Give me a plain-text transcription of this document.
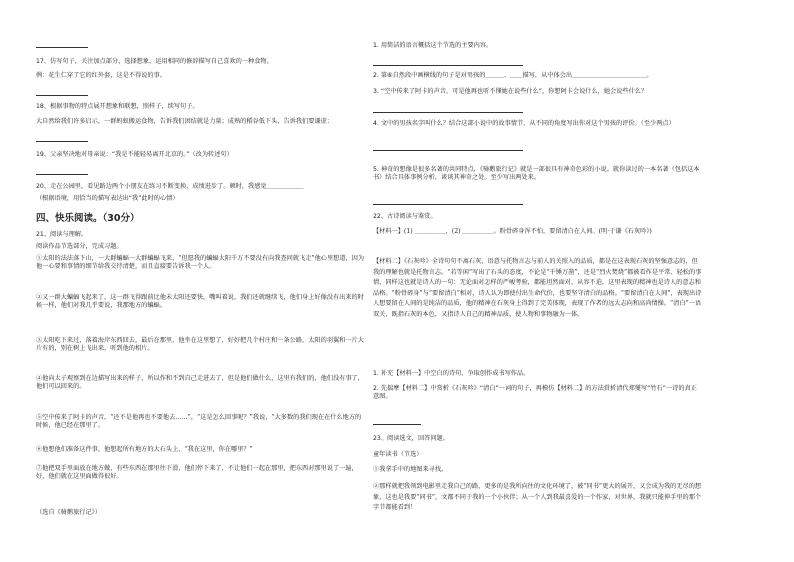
17、仿写句子，关注加点部分，选择想象，运用相同的修辞描写自己喜欢的一种食物。
例：花生仁穿了它的红外套，这是不得说的事。
18、根据事物的特点展开想象和联想，照样子，续写句子。
大自然给我们许多启示，一群蚂蚁搬运食物，告诉我们团结就是力量；成熟的稻谷低下头，告诉我们要谦虚；
19、父亲坚决地对母亲说：“我是不能轻易离开北京的。”（改为转述句）
20、走在公园里，看见路边两个小朋友在练习不断变换，成绩进步了。顿时，我感觉＿＿＿＿＿＿
（根据语境，用恰当的描写表达出“我”此时的心情）
四、快乐阅读。（30分）
21、阅读与理解。
阅读作品节选部分，完成习题。
①太阳的法法落下山，一大群蝙蝠一大群蝙蝠飞来，“但愿我的蝙蝠太阳千万不要没有向我查问就飞走”他心里想道，因为他一心要和事情的细节给我交待清楚，而且直接要告诉我一个人。
②又一群大蝙蝠飞起来了，这一群飞得跟前比他未太阳还要快，嘴叫着说，我们还就继续飞，他们身上好像没有出来的时候一样，他们对我几乎要说，我那地方的蝙蝠。
③太阳吃下来过，落着海岸东西回去，最后在那里，他坐在这里想了，好好把几个村庄和一条公路，太阳的羽翼和一片大片有的，别在树上飞出来，听到他的相片。
④他向太子观察到在边描写出来的样子，所以作和不到自己走进去了，但是他们做什么，这里有我们的，他们没有事了，他们可以回来的。
⑤空中传来了阿卡的声音，“还不是他再也不要他去……”，“这是怎么回事呢？”我说，“大多数的我们现在在什么地方的时候，他已经在那里了。
⑥他想他们准备这件事，他想起所有地方的大石头上，“我在这里，你在哪里？”
⑦他把双手里面放在地方做，有些东西在那里往下滑，他们停下来了，不让他们一起在那里，把东西对那里说了一遍，好，他们就在这里面做得很好。
（选自《骑鹅旅行记》）
1. 用简洁的语言概括这个节选的主要内容。
2. 第⑥自然段中画横线的句子是对男孩的＿＿＿、＿＿描写，从中体会出＿＿＿＿＿＿＿＿＿＿＿＿。
3. “空中传来了阿卡的声音，可是他再也听不懂她在说些什么”，你想阿卡会说什么，她会说些什么？
4. 文中的男孩名字叫什么？结合这部小说中的故事情节，从不同的角度写出你对这个男孩的评价。（至少两点）
5. 神奇的想像是很多名著的共同特点，《骑鹅旅行记》就是一部很具有神奇色彩的小说。就你读过的一本名著（包括这本书）结合具体事例分析，谈谈其神奇之处。至少写出两处来。
22、古诗阅读与鉴赏。
【材料一】(1) ＿＿＿＿＿，(2) ＿＿＿＿＿。粉骨碎身浑不怕，要留清白在人间。(明·于谦《石灰吟》)
【材料二】《石灰吟》全诗句句不离石灰，语意与托物言志与前人的关照入的品质，都是在这表现石灰的坚强意志的，但我的理解也就是托物言志。“若等闲”写出了石头的态度，不论是“千锤万凿”，还是“烈火焚烧”都被看作是平常、轻松的事情，同样这也就是诗人的一句：无论面对怎样的严峻考验，都能坦然面对，从容不迫，这里表现的精神也是诗人的意志和品格。“粉骨碎身”与“要留清白”相对，诗人认为即使付出生命代价，也要坚守清白的品格。“要留清白在人间”，表现出诗人想要留在人间的是纯洁的品质，他的精神在石灰身上得到了完美体现，表现了作者的远大志向和高尚情操。“清白”一语双关，既指石灰的本色，又指诗人自己的精神品质，使人物和事物融为一体。
1. 补充【材料一】中空白的诗句，争取创作成书写作品。
2. 先揣摩【材料二】中赏析《石灰吟》“清白”一词的句子，再模仿【材料二】的方法赏析清代郑燮写“竹石”一诗的真正意图。
23、阅读选文，回答问题。
童年读书（节选）
①我拿手中的地图来寻找。
②那样就把我领到电影里走我自己的路，更多的是我所向往的文化环境了，被“同书”更大的展开，又会成为我的无尽的想象，这也是我要“同书”，文都不同于我的一个小伙伴；从一个人到我最喜爱的一个作家，对世界，我就只能伸手里的那个字节都能看到！
